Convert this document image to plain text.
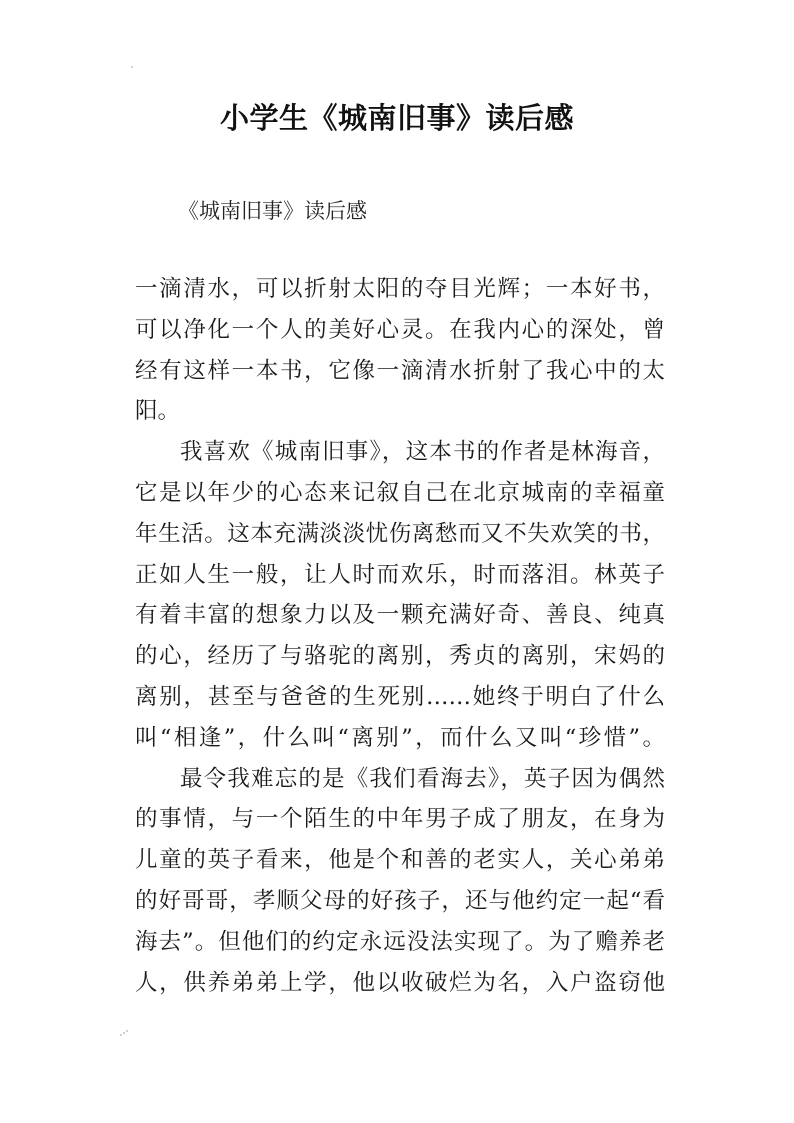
小学生《城南旧事》读后感
《城南旧事》读后感
一滴清水，可以折射太阳的夺目光辉；一本好书，
可以净化一个人的美好心灵。在我内心的深处，曾
经有这样一本书，它像一滴清水折射了我心中的太
阳。
我喜欢《城南旧事》，这本书的作者是林海音，
它是以年少的心态来记叙自己在北京城南的幸福童
年生活。这本充满淡淡忧伤离愁而又不失欢笑的书，
正如人生一般，让人时而欢乐，时而落泪。林英子
有着丰富的想象力以及一颗充满好奇、善良、纯真
的心，经历了与骆驼的离别，秀贞的离别，宋妈的
离别，甚至与爸爸的生死别……她终于明白了什么
叫“相逢”，什么叫“离别”，而什么又叫“珍惜”。
最令我难忘的是《我们看海去》，英子因为偶然
的事情，与一个陌生的中年男子成了朋友，在身为
儿童的英子看来，他是个和善的老实人，关心弟弟
的好哥哥，孝顺父母的好孩子，还与他约定一起“看
海去”。但他们的约定永远没法实现了。为了赡养老
人，供养弟弟上学，他以收破烂为名，入户盗窃他
